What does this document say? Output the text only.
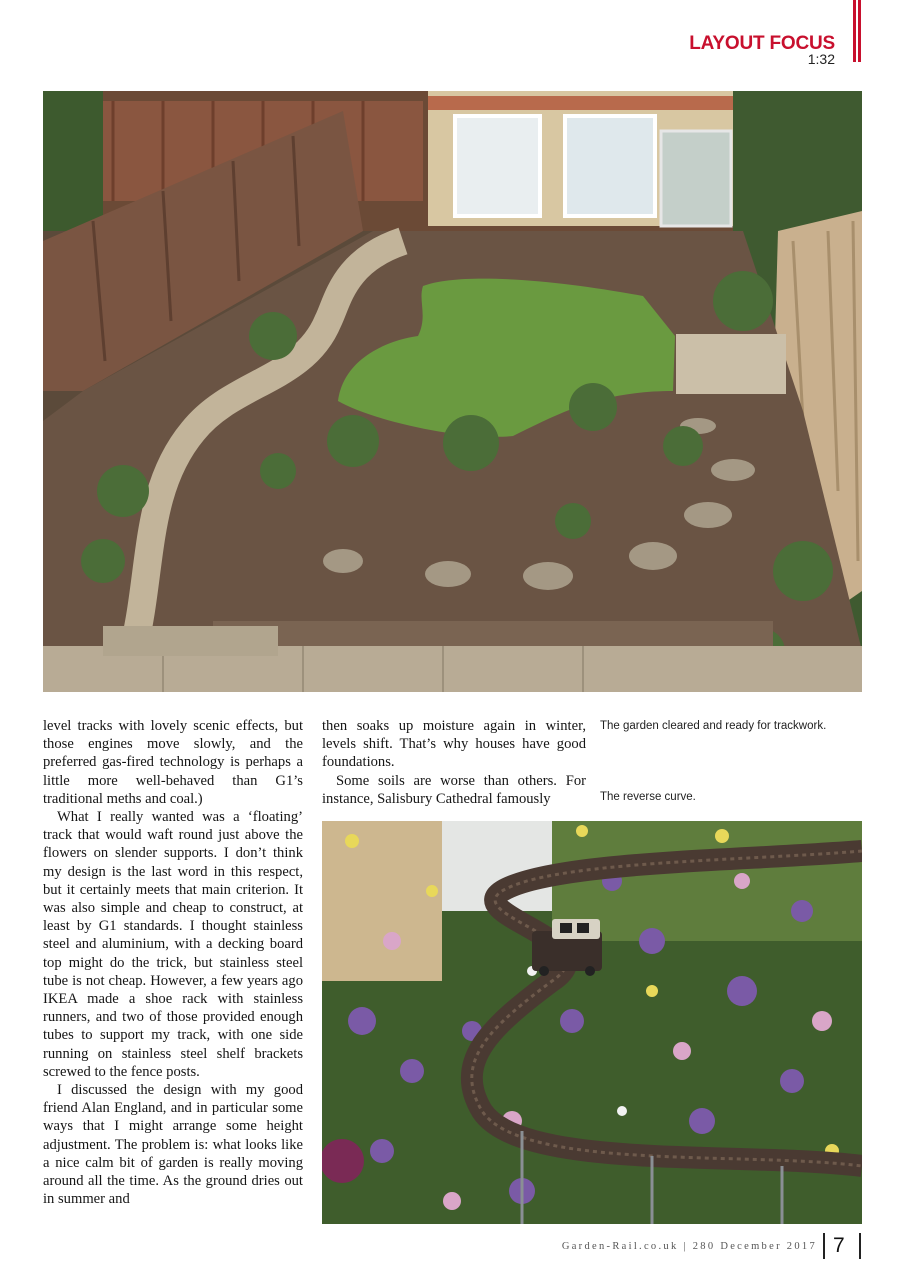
LAYOUT FOCUS
1:32
The garden cleared and ready for trackwork.
The reverse curve.

level tracks with lovely scenic effects, but those engines move slowly, and the preferred gas-fired technology is perhaps a little more well-behaved than G1’s traditional meths and coal.)

What I really wanted was a ‘floating’ track that would waft round just above the flowers on slender supports. I don’t think my design is the last word in this respect, but it certainly meets that main criterion. It was also simple and cheap to construct, at least by G1 standards. I thought stainless steel and aluminium, with a decking board top might do the trick, but stainless steel tube is not cheap. However, a few years ago IKEA made a shoe rack with stainless runners, and two of those provided enough tubes to support my track, with one side running on stainless steel shelf brackets screwed to the fence posts.

I discussed the design with my good friend Alan England, and in particular some ways that I might arrange some height adjustment. The problem is: what looks like a nice calm bit of garden is really moving around all the time. As the ground dries out in summer and

then soaks up moisture again in winter, levels shift. That’s why houses have good foundations.

Some soils are worse than others. For instance, Salisbury Cathedral famously

Garden-Rail.co.uk | 280 December 2017 7
